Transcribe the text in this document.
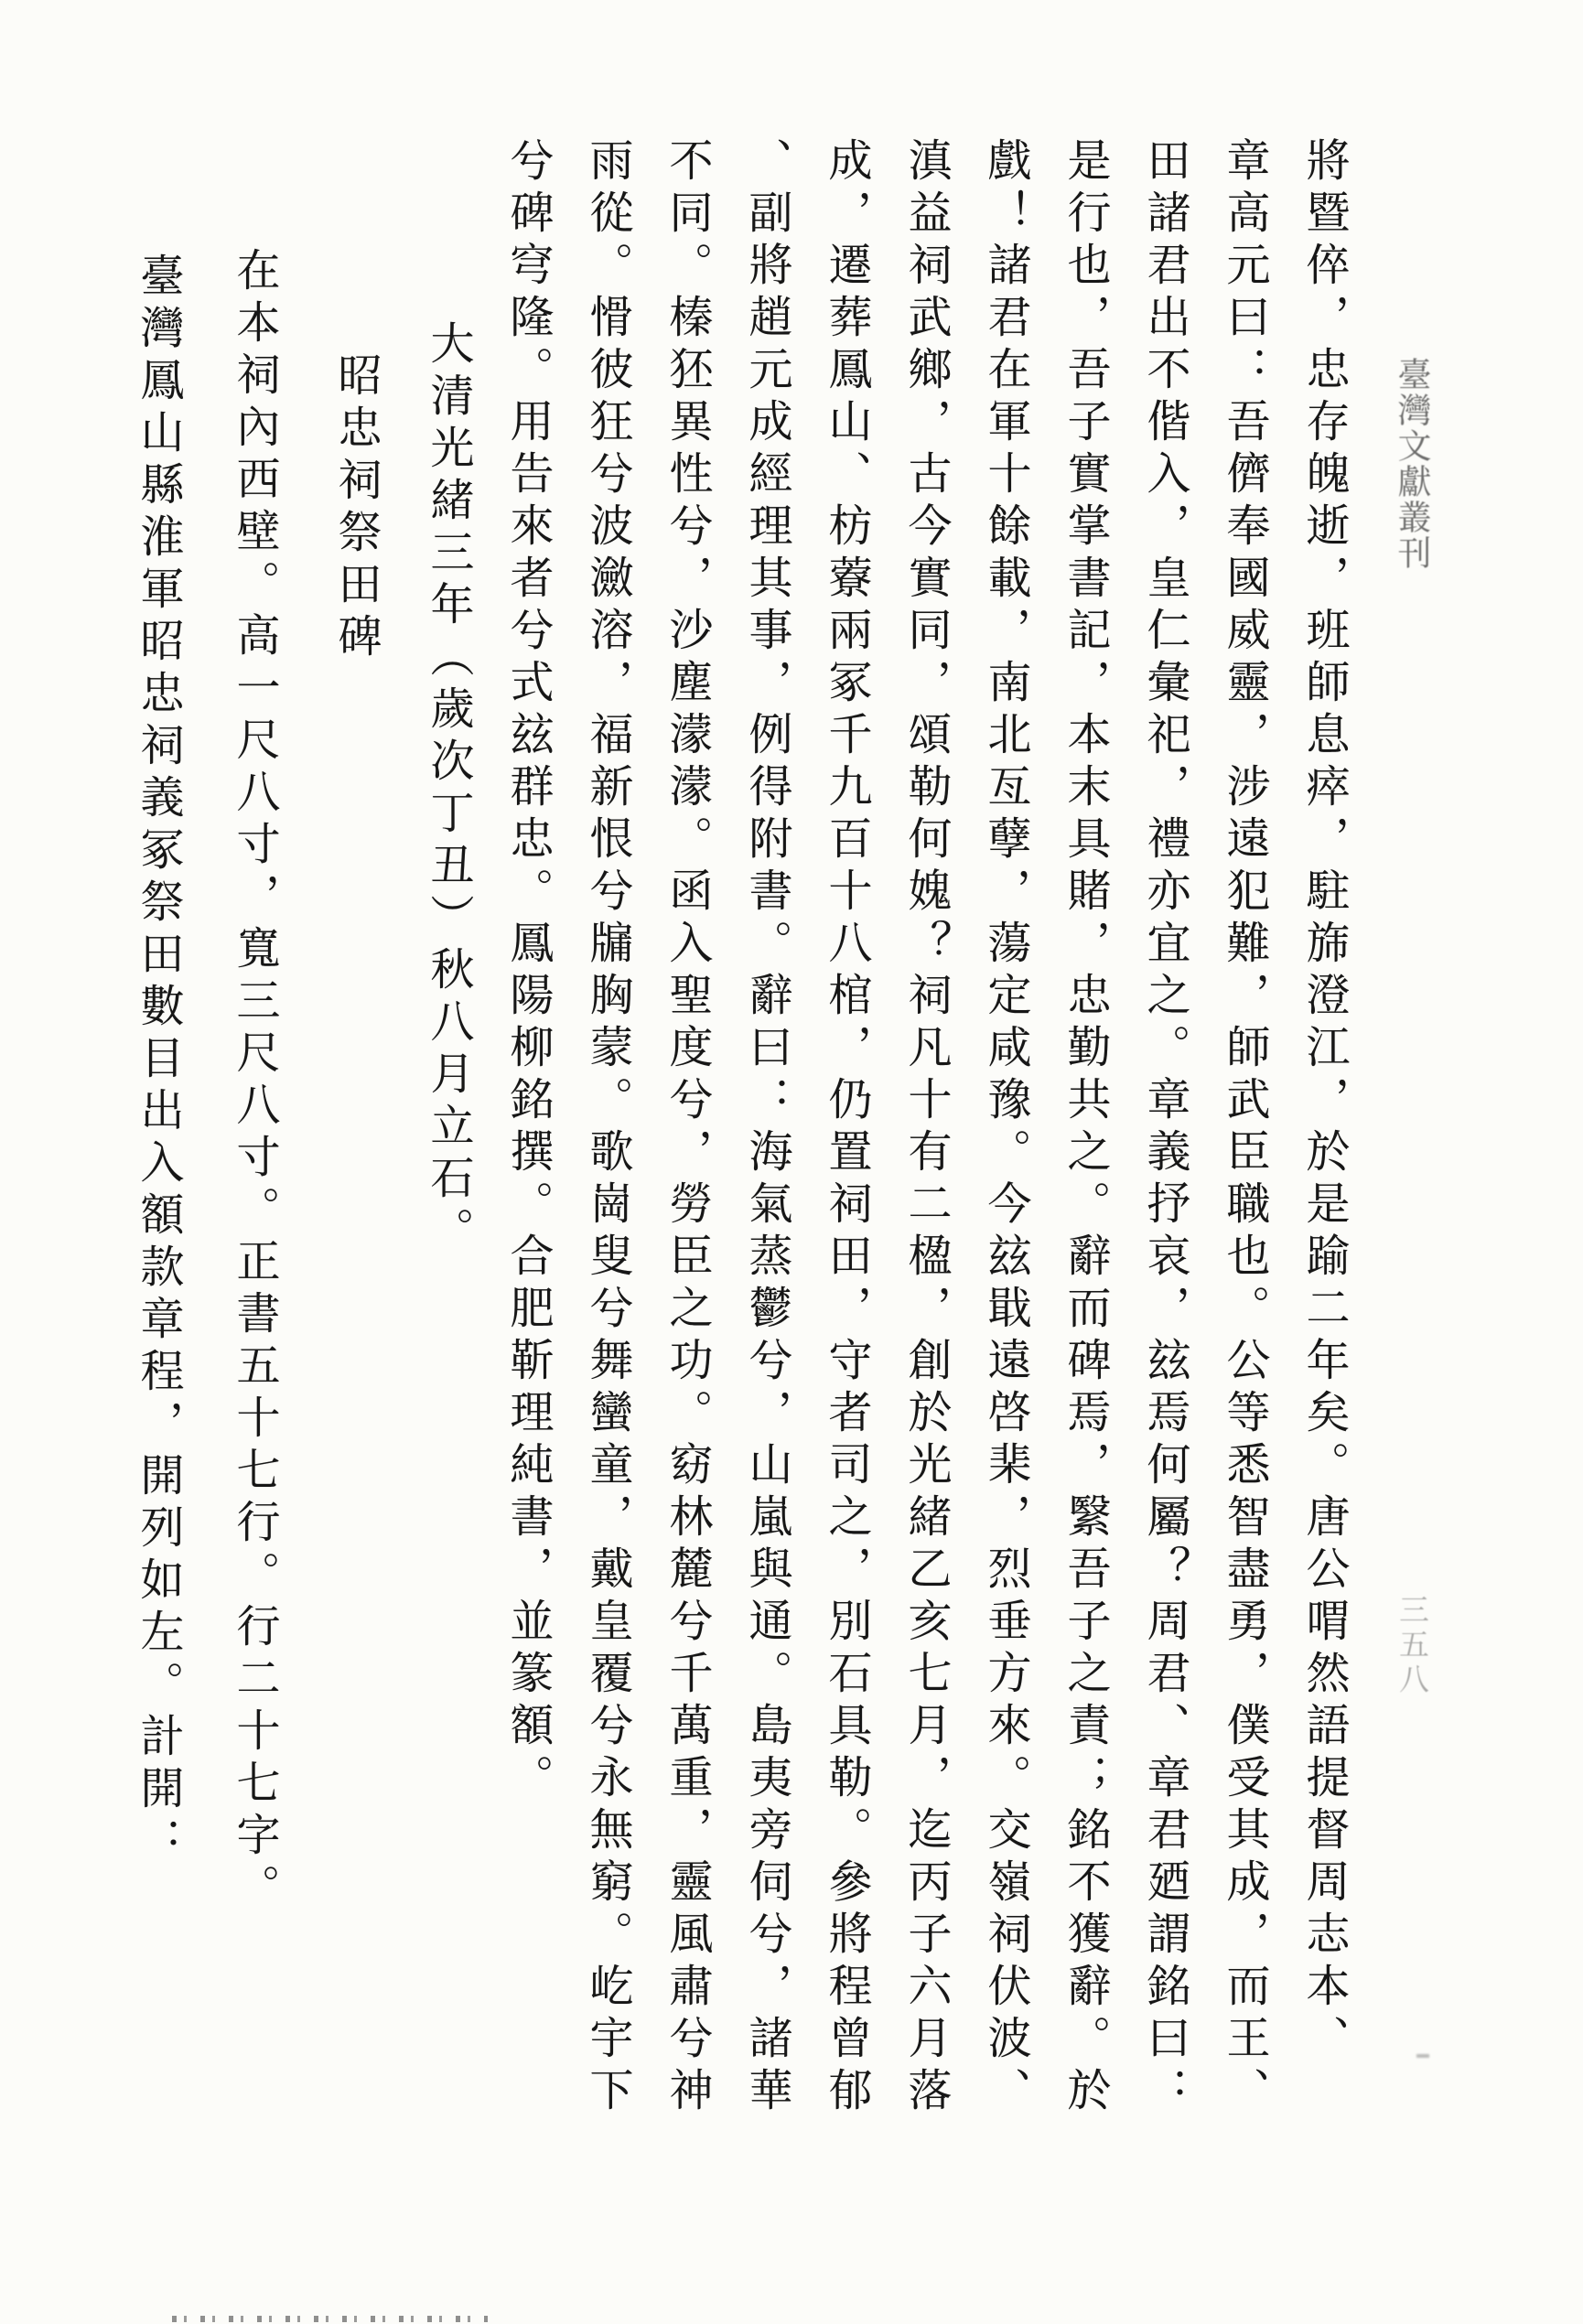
臺灣文獻叢刊
將暨倅，忠存魄逝，班師息瘁，駐旆澄江，於是踰二年矣。唐公喟然語提督周志本、
章高元曰：吾儕奉國威靈，涉遠犯難，師武臣職也。公等悉智盡勇，僕受其成，而王、
田諸君出不偕入，皇仁彙祀，禮亦宜之。章義抒哀，玆焉何屬？周君、章君廼謂銘曰：
是行也，吾子實掌書記，本末具賭，忠勤共之。辭而碑焉，繄吾子之責；銘不獲辭。於
戲！諸君在軍十餘載，南北亙孽，蕩定咸豫。今玆戢遠啓棐，烈垂方來。交嶺祠伏波、
滇益祠武鄉，古今實同，頌勒何媿？祠凡十有二楹，創於光緒乙亥七月，迄丙子六月落
成，遷葬鳳山、枋藔兩冢千九百十八棺，仍置祠田，守者司之，別石具勒。參將程曾郁
、副將趙元成經理其事，例得附書。辭曰：海氣蒸鬱兮，山嵐與通。島夷旁伺兮，諸華
不同。榛狉異性兮，沙塵濛濛。函入聖度兮，勞臣之功。窈林麓兮千萬重，靈風肅兮神
雨從。愲彼狂兮波瀲溶，福新恨兮牖胸蒙。歌崗叟兮舞蠻童，戴皇覆兮永無窮。屹宇下
兮碑穹隆。用告來者兮式玆群忠。鳳陽柳銘撰。合肥靳理純書，並篆額。
大清光緒三年（歲次丁丑）秋八月立石。
昭忠祠祭田碑
在本祠內西壁。高一尺八寸，寬三尺八寸。正書五十七行。行二十七字。
臺灣鳳山縣淮軍昭忠祠義冢祭田數目出入額款章程，開列如左。計開：	三五八
